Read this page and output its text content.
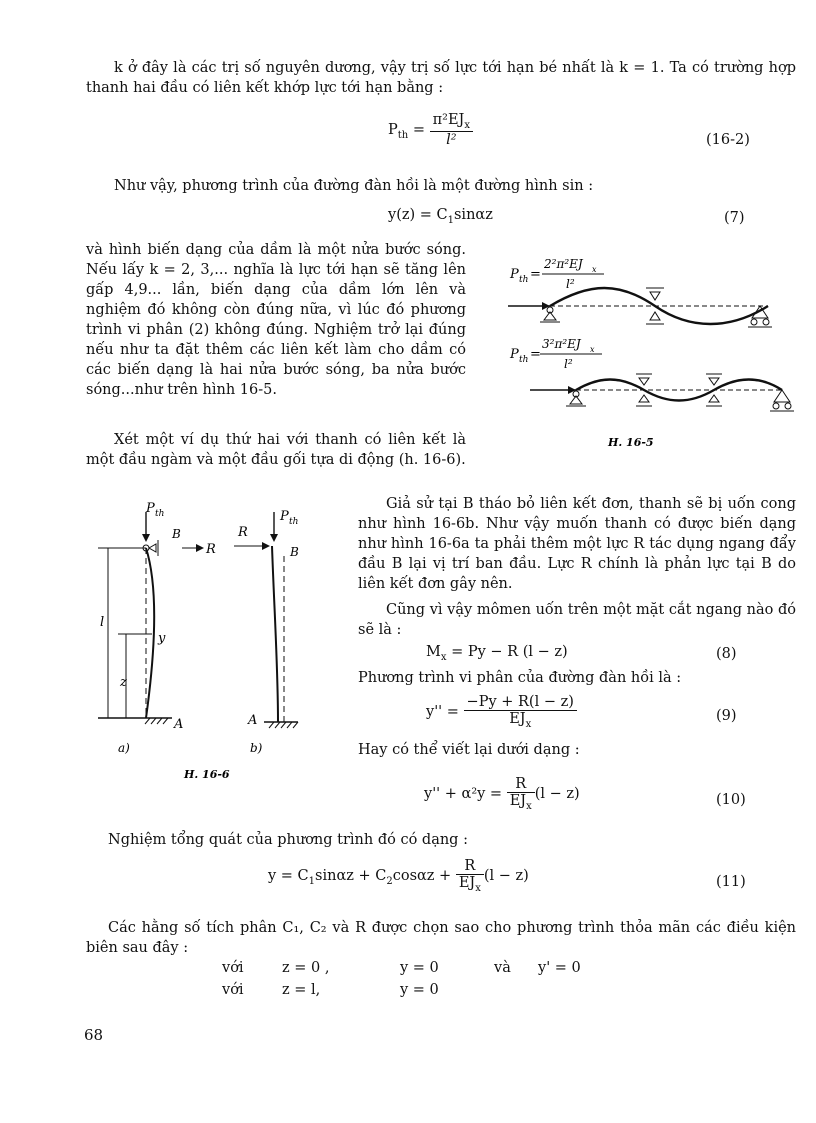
k ở đây là các trị số nguyên dương, vậy trị số lực tới hạn bé nhất là k = 1. Ta có trường hợp thanh hai đầu có liên kết khớp lực tới hạn bằng :

$P_{th} = \frac{\pi^2EJ_x}{\text{l²}}$	(16-2)

Như vậy, phương trình của đường đàn hồi là một đường hình sin :

$y(z) = C_1\sin\alpha z$	(7)

và hình biến dạng của dầm là một nửa bước sóng. Nếu lấy k = 2, 3,... nghĩa là lực tới hạn sẽ tăng lên gấp 4,9... lần, biến dạng của dầm lớn lên và nghiệm đó không còn đúng nữa, vì lúc đó phương trình vi phân (2) không đúng. Nghiệm trở lại đúng nếu như ta đặt thêm các liên kết làm cho dầm có các biến dạng là hai nửa bước sóng, ba nửa bước sóng...như trên hình 16-5.

P th =
2²π²EJ x
l²
P th =
3²π²EJ x
l²
H. 16-5

Xét một ví dụ thứ hai với thanh có liên kết là một đầu ngàm và một đầu gối tựa di động (h. 16-6).

P th
B
R
l
y
z
A
a)
P th
R
B
A
b)
H. 16-6

Giả sử tại B tháo bỏ liên kết đơn, thanh sẽ bị uốn cong như hình 16-6b. Như vậy muốn thanh có được biến dạng như hình 16-6a ta phải thêm một lực R tác dụng ngang đẩy đầu B lại vị trí ban đầu. Lực R chính là phản lực tại B do liên kết đơn gây nên.

Cũng vì vậy mômen uốn trên một mặt cắt ngang nào đó sẽ là :

$M_x = Py - R$ (l − z)	(8)

Phương trình vi phân của đường đàn hồi là :

$y'' = \frac{-Py + R(l - z)}{EJ_x}$	(9)

Hay có thể viết lại dưới dạng :

$y'' + \alpha^2y = \frac{R}{EJ_x} (l - z)$	(10)

Nghiệm tổng quát của phương trình đó có dạng :

$y = C_1\sin\alpha z + C_2\cos\alpha z + \frac{R}{EJ_x} (l - z)$	(11)

Các hằng số tích phân C₁, C₂ và R được chọn sao cho phương trình thỏa mãn các điều kiện biên sau đây :

với	z = 0 ,	y = 0	và y' = 0
với	z = l,	y = 0
68
